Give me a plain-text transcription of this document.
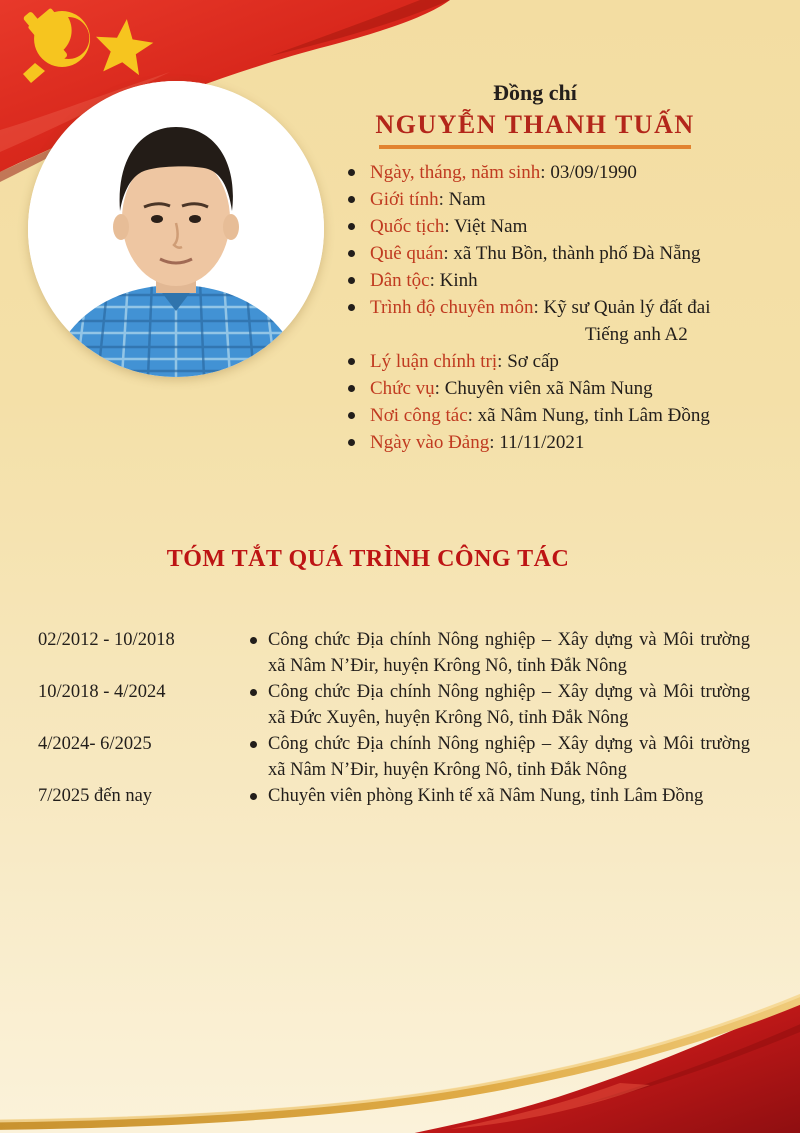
Đồng chí
NGUYỄN THANH TUẤN
Ngày, tháng, năm sinh: 03/09/1990
Giới tính: Nam
Quốc tịch: Việt Nam
Quê quán: xã Thu Bồn, thành phố Đà Nẵng
Dân tộc: Kinh
Trình độ chuyên môn: Kỹ sư Quản lý đất đai
Tiếng anh A2
Lý luận chính trị: Sơ cấp
Chức vụ: Chuyên viên xã Nâm Nung
Nơi công tác: xã Nâm Nung, tỉnh Lâm Đồng
Ngày vào Đảng: 11/11/2021
TÓM TẮT QUÁ TRÌNH CÔNG TÁC
02/2012 - 10/2018	Công chức Địa chính Nông nghiệp – Xây dựng và Môi trường xã Nâm N’Đir, huyện Krông Nô, tỉnh Đắk Nông
10/2018 - 4/2024	Công chức Địa chính Nông nghiệp – Xây dựng và Môi trường xã Đức Xuyên, huyện Krông Nô, tỉnh Đắk Nông
4/2024- 6/2025	Công chức Địa chính Nông nghiệp – Xây dựng và Môi trường xã Nâm N’Đir, huyện Krông Nô, tỉnh Đắk Nông
7/2025 đến nay	Chuyên viên phòng Kinh tế xã Nâm Nung, tỉnh Lâm Đồng
